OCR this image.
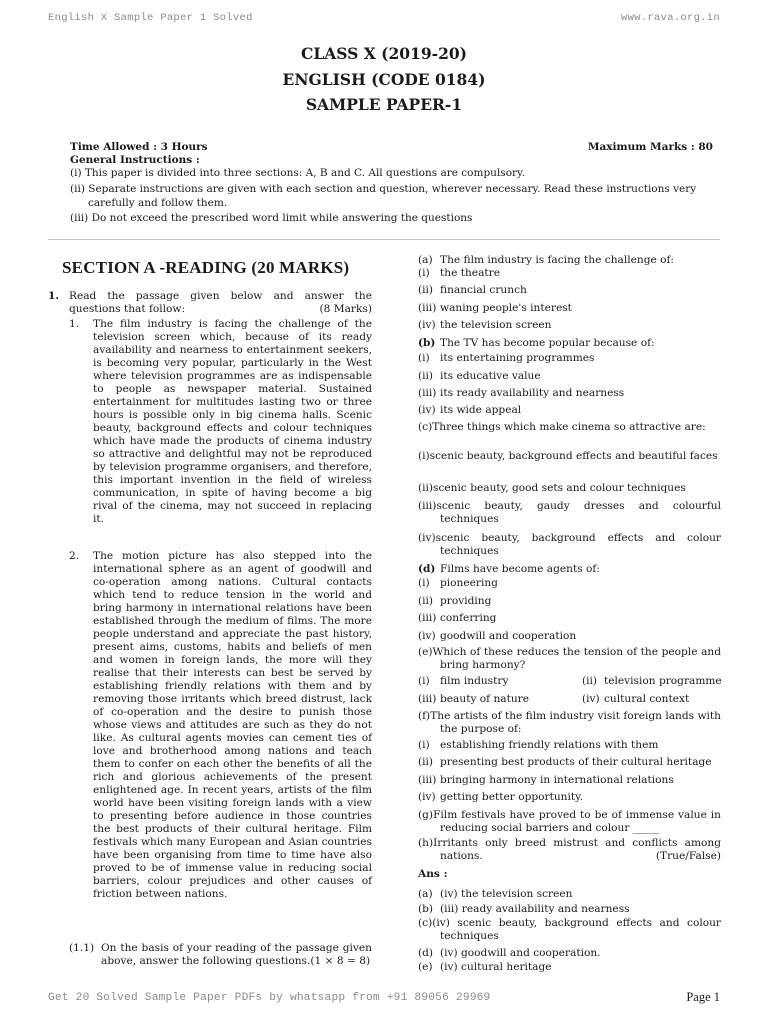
English X Sample Paper 1 Solved	www.rava.org.in
CLASS X (2019-20)
ENGLISH (CODE 0184)
SAMPLE PAPER-1
Time Allowed : 3 Hours	Maximum Marks : 80
General Instructions :
(i) This paper is divided into three sections: A, B and C. All questions are compulsory.
(ii) Separate instructions are given with each section and question, wherever necessary. Read these instructions very
carefully and follow them.
(iii) Do not exceed the prescribed word limit while answering the questions
SECTION A -READING (20 MARKS)
1. Read the passage given below and answer the questions that follow:	(8 Marks)
1. The film industry is facing the challenge of the television screen which, because of its ready availability and nearness to entertainment seekers, is becoming very popular, particularly in the West where television programmes are as indispensable to people as newspaper material. Sustained entertainment for multitudes lasting two or three hours is possible only in big cinema halls. Scenic beauty, background effects and colour techniques which have made the products of cinema industry so attractive and delightful may not be reproduced by television programme organisers, and therefore, this important invention in the field of wireless communication, in spite of having become a big rival of the cinema, may not succeed in replacing it.
2. The motion picture has also stepped into the international sphere as an agent of goodwill and co-operation among nations. Cultural contacts which tend to reduce tension in the world and bring harmony in international relations have been established through the medium of films. The more people understand and appreciate the past history, present aims, customs, habits and beliefs of men and women in foreign lands, the more will they realise that their interests can best be served by establishing friendly relations with them and by removing those irritants which breed distrust, lack of co-operation and the desire to punish those whose views and attitudes are such as they do not like. As cultural agents movies can cement ties of love and brotherhood among nations and teach them to confer on each other the benefits of all the rich and glorious achievements of the present enlightened age. In recent years, artists of the film world have been visiting foreign lands with a view to presenting before audience in those countries the best products of their cultural heritage. Film festivals which many European and Asian countries have been organising from time to time have also proved to be of immense value in reducing social barriers, colour prejudices and other causes of friction between nations.
(1.1) On the basis of your reading of the passage given above, answer the following questions.(1 × 8 = 8)
(a) The film industry is facing the challenge of:
(i) the theatre
(ii) financial crunch
(iii) waning people's interest
(iv) the television screen
(b) The TV has become popular because of:
(i) its entertaining programmes
(ii) its educative value
(iii) its ready availability and nearness
(iv) its wide appeal
(c)Three things which make cinema so attractive are:
(i)scenic beauty, background effects and beautiful faces
(ii)scenic beauty, good sets and colour techniques
(iii)scenic beauty, gaudy dresses and colourful techniques
(iv)scenic beauty, background effects and colour techniques
(d) Films have become agents of:
(i) pioneering
(ii) providing
(iii) conferring
(iv) goodwill and cooperation
(e)Which of these reduces the tension of the people and bring harmony?
(i) film industry	(ii) television programme
(iii) beauty of nature	(iv) cultural context
(f)The artists of the film industry visit foreign lands with the purpose of:
(i) establishing friendly relations with them
(ii) presenting best products of their cultural heritage
(iii) bringing harmony in international relations
(iv) getting better opportunity.
(g)Film festivals have proved to be of immense value in reducing social barriers and colour _____
(h)Irritants only breed mistrust and conflicts among nations.	(True/False)
Ans :
(a) (iv) the television screen
(b) (iii) ready availability and nearness
(c)(iv) scenic beauty, background effects and colour techniques
(d) (iv) goodwill and cooperation.
(e) (iv) cultural heritage
Get 20 Solved Sample Paper PDFs by whatsapp from +91 89056 29969	Page 1
